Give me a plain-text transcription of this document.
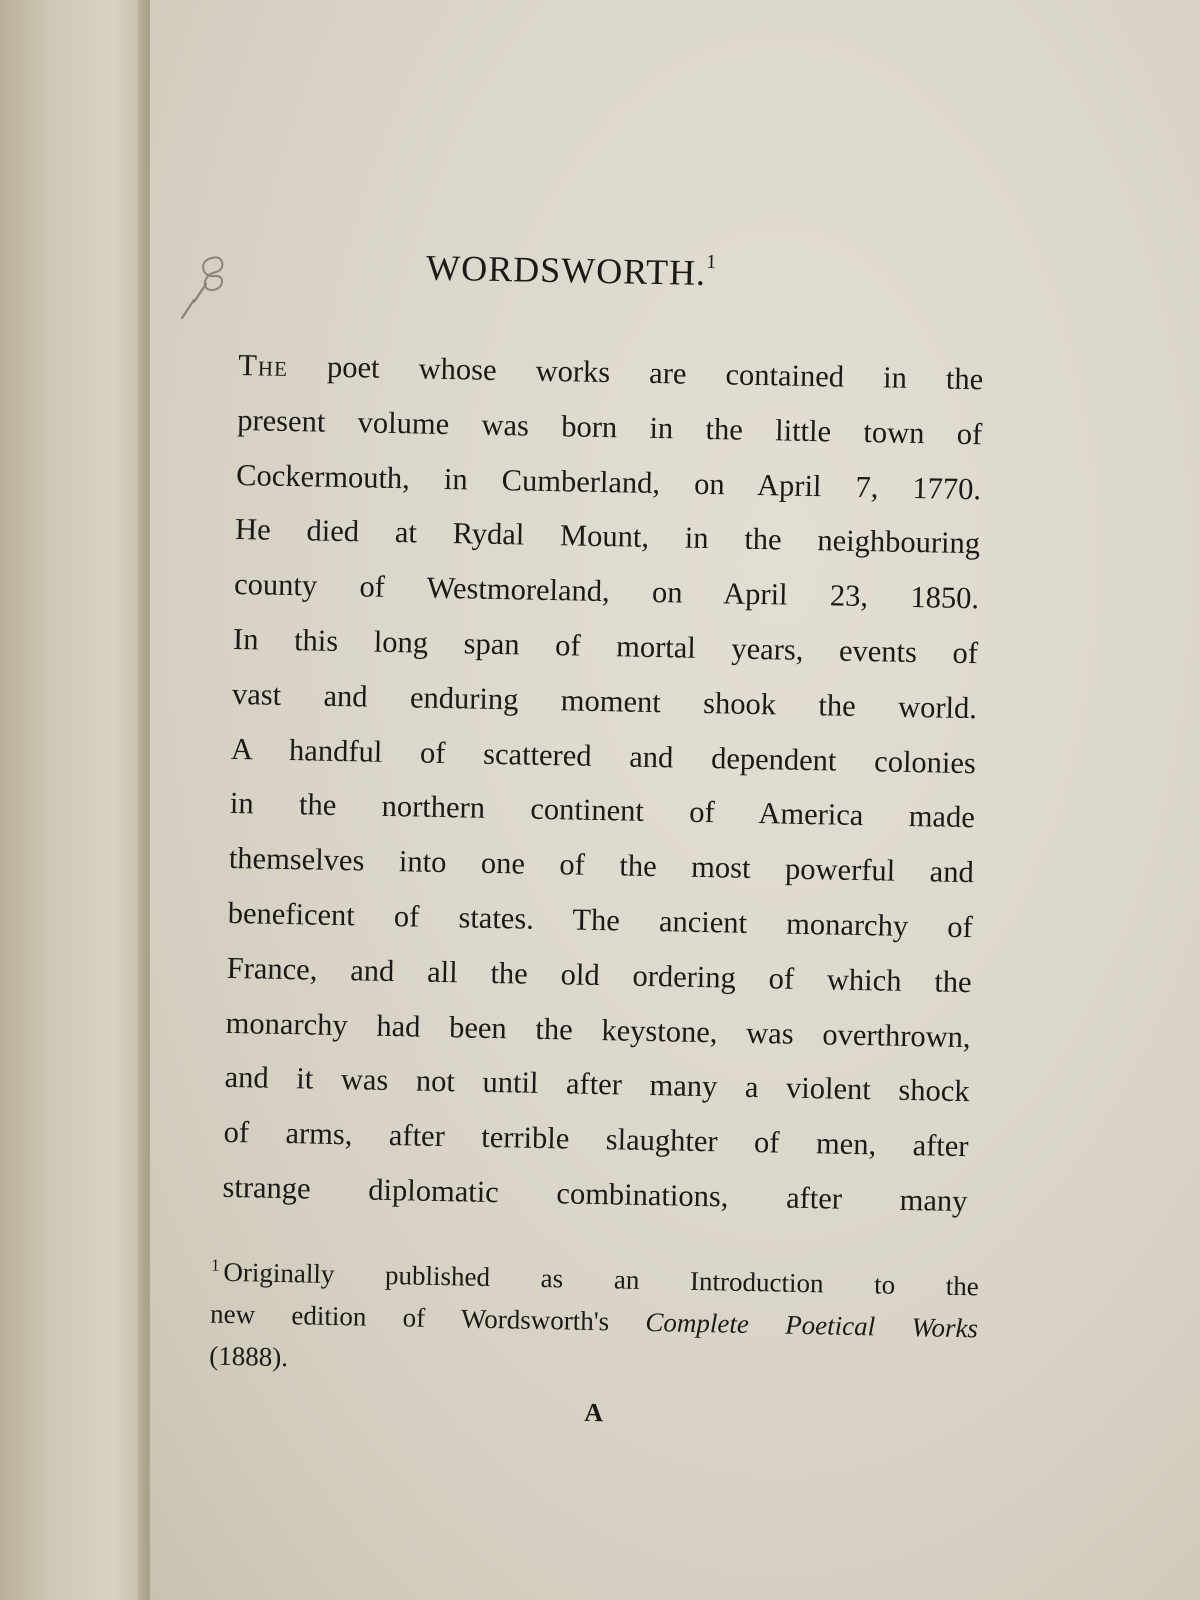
WORDSWORTH.$^1$
The poet whose works are contained in the
present volume was born in the little town of
Cockermouth, in Cumberland, on April 7, 1770.
He died at Rydal Mount, in the neighbouring
county of Westmoreland, on April 23, 1850.
In this long span of mortal years, events of
vast and enduring moment shook the world.
A handful of scattered and dependent colonies
in the northern continent of America made
themselves into one of the most powerful and
beneficent of states. The ancient monarchy of
France, and all the old ordering of which the
monarchy had been the keystone, was overthrown,
and it was not until after many a violent shock
of arms, after terrible slaughter of men, after
strange diplomatic combinations, after many
$^1$ Originally published as an Introduction to the
new edition of Wordsworth's Complete Poetical Works
(1888).
A
